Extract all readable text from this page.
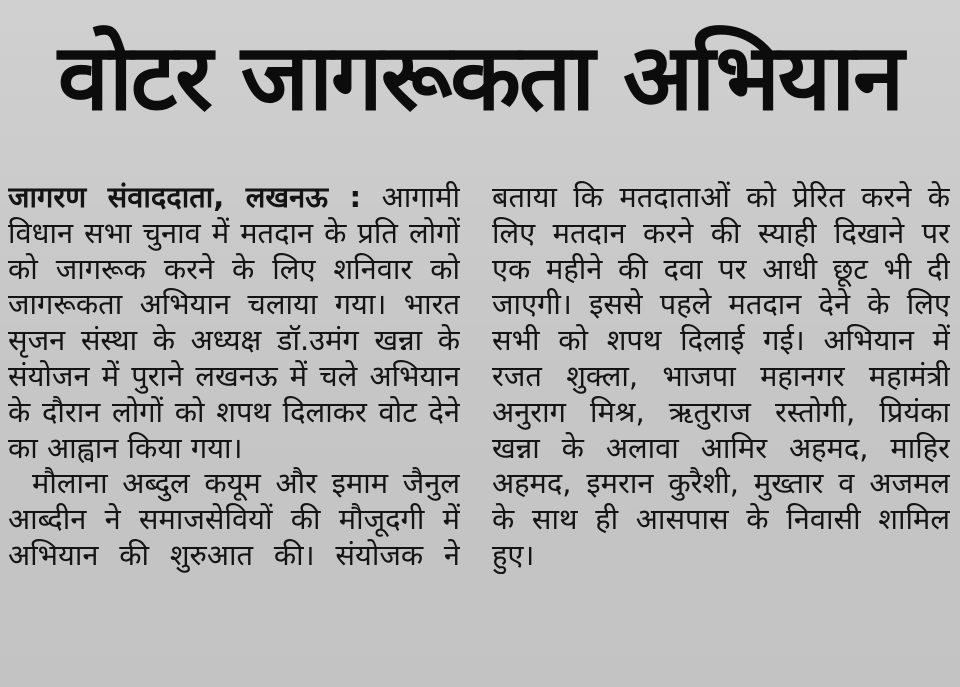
वोटर जागरूकता अभियान
जागरण संवाददाता, लखनऊ : आगामी
विधान सभा चुनाव में मतदान के प्रति लोगों
को जागरूक करने के लिए शनिवार को
जागरूकता अभियान चलाया गया। भारत
सृजन संस्था के अध्यक्ष डॉ.उमंग खन्ना के
संयोजन में पुराने लखनऊ में चले अभियान
के दौरान लोगों को शपथ दिलाकर वोट देने
का आह्वान किया गया।
मौलाना अब्दुल कयूम और इमाम जैनुल
आब्दीन ने समाजसेवियों की मौजूदगी में
अभियान की शुरुआत की। संयोजक ने
बताया कि मतदाताओं को प्रेरित करने के
लिए मतदान करने की स्याही दिखाने पर
एक महीने की दवा पर आधी छूट भी दी
जाएगी। इससे पहले मतदान देने के लिए
सभी को शपथ दिलाई गई। अभियान में
रजत शुक्ला, भाजपा महानगर महामंत्री
अनुराग मिश्र, ऋतुराज रस्तोगी, प्रियंका
खन्ना के अलावा आमिर अहमद, माहिर
अहमद, इमरान कुरैशी, मुख्तार व अजमल
के साथ ही आसपास के निवासी शामिल
हुए।
